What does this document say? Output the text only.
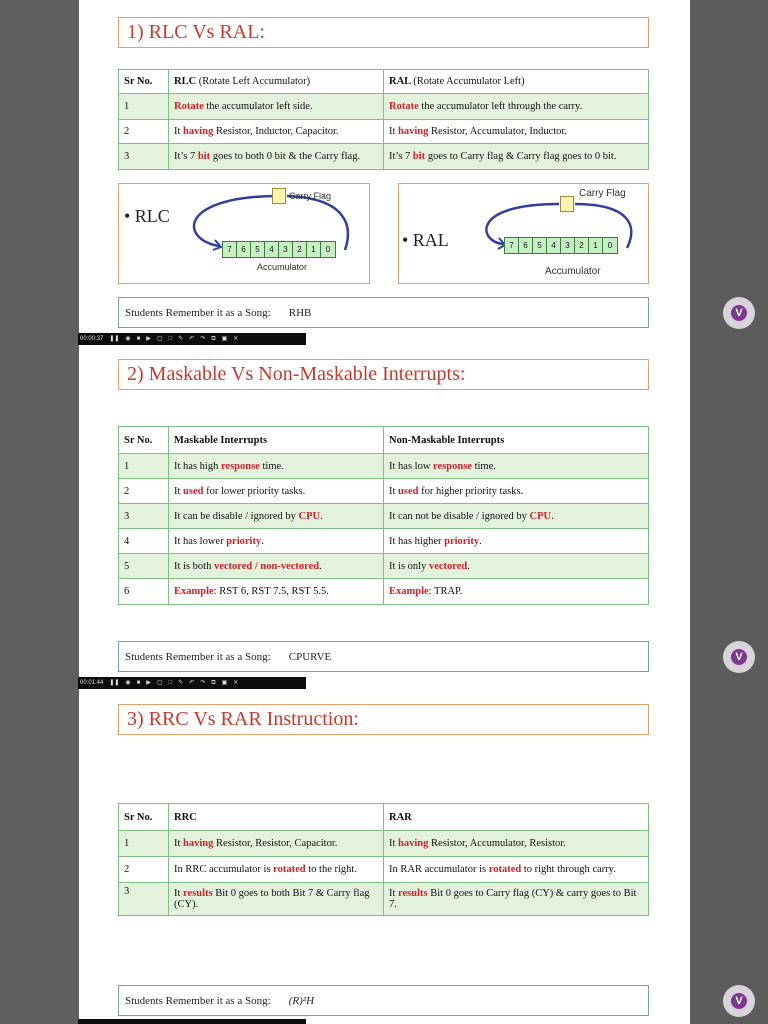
1) RLC Vs RAL:
Sr No.	RLC (Rotate Left Accumulator)	RAL (Rotate Accumulator Left)
1	Rotate the accumulator left side.	Rotate the accumulator left through the carry.
2	It having Resistor, Inductor, Capacitor.	It having Resistor, Accumulator, Inductor.
3	It’s 7 bit goes to both 0 bit & the Carry flag.	It’s 7 bit goes to Carry flag & Carry flag goes to 0 bit.
• RLC
Carry Flag
7	6	5	4	3	2	1	0
Accumulator
• RAL
Carry Flag
7	6	5	4	3	2	1	0
Accumulator
Students Remember it as a Song: RHB
00:00:37 ❚❚ ◉ ■ ▶ ▢ □ ✎ ↶ ↷ ⧉ ▣ ✕
2) Maskable Vs Non-Maskable Interrupts:
Sr No.	Maskable Interrupts	Non-Maskable Interrupts
1	It has high response time.	It has low response time.
2	It used for lower priority tasks.	It used for higher priority tasks.
3	It can be disable / ignored by CPU.	It can not be disable / ignored by CPU.
4	It has lower priority.	It has higher priority.
5	It is both vectored / non-vectored.	It is only vectored.
6	Example: RST 6, RST 7.5, RST 5.5.	Example: TRAP.
Students Remember it as a Song: CPURVE
00:01:44 ❚❚ ◉ ■ ▶ ▢ □ ✎ ↶ ↷ ⧉ ▣ ✕
3) RRC Vs RAR Instruction:
Sr No.	RRC	RAR
1	It having Resistor, Resistor, Capacitor.	It having Resistor, Accumulator, Resistor.
2	In RRC accumulator is rotated to the right.	In RAR accumulator is rotated to right through carry.
3	It results Bit 0 goes to both Bit 7 & Carry flag (CY).	It results Bit 0 goes to Carry flag (CY) & carry goes to Bit 7.
Students Remember it as a Song: (R)²H
V
V
V
